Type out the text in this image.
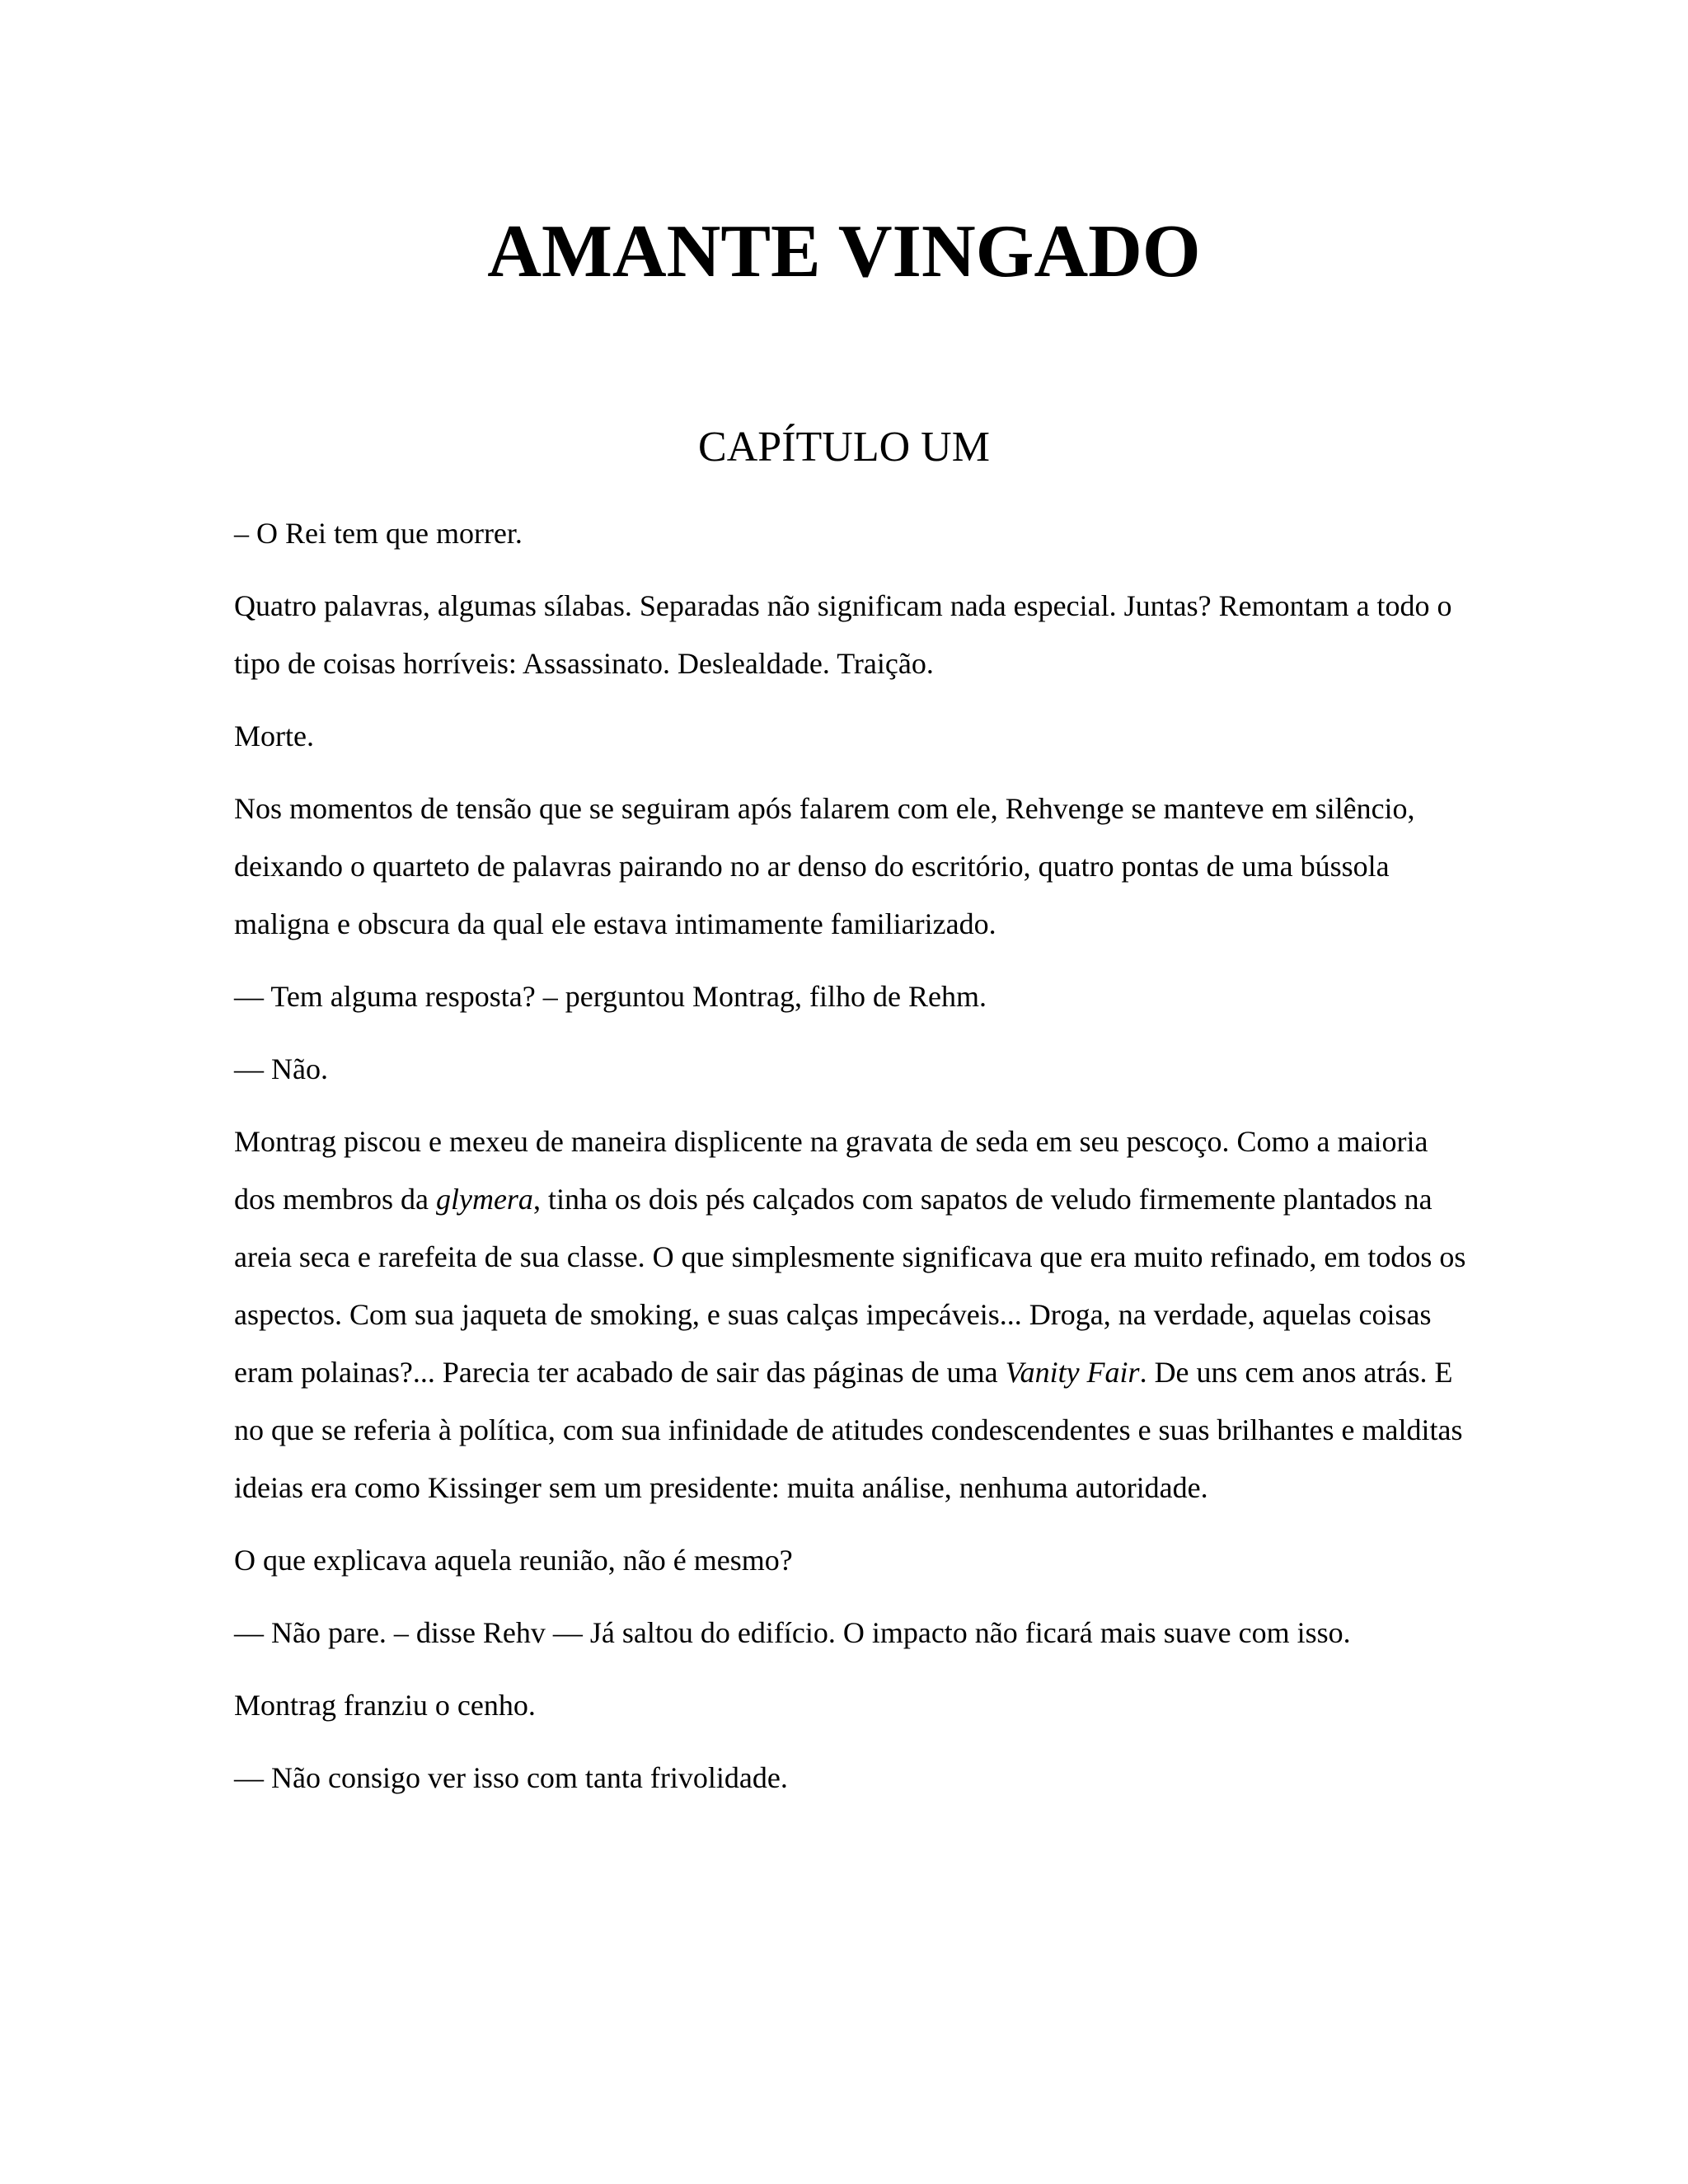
AMANTE VINGADO
CAPÍTULO UM

– O Rei tem que morrer.

Quatro palavras, algumas sílabas. Separadas não significam nada especial. Juntas? Remontam a todo o tipo de coisas horríveis: Assassinato. Deslealdade. Traição.

Morte.

Nos momentos de tensão que se seguiram após falarem com ele, Rehvenge se manteve em silêncio, deixando o quarteto de palavras pairando no ar denso do escritório, quatro pontas de uma bússola maligna e obscura da qual ele estava intimamente familiarizado.

— Tem alguma resposta? – perguntou Montrag, filho de Rehm.

— Não.

Montrag piscou e mexeu de maneira displicente na gravata de seda em seu pescoço. Como a maioria dos membros da glymera, tinha os dois pés calçados com sapatos de veludo firmemente plantados na areia seca e rarefeita de sua classe. O que simplesmente significava que era muito refinado, em todos os aspectos. Com sua jaqueta de smoking, e suas calças impecáveis... Droga, na verdade, aquelas coisas eram polainas?... Parecia ter acabado de sair das páginas de uma Vanity Fair. De uns cem anos atrás. E no que se referia à política, com sua infinidade de atitudes condescendentes e suas brilhantes e malditas ideias era como Kissinger sem um presidente: muita análise, nenhuma autoridade.

O que explicava aquela reunião, não é mesmo?

— Não pare. – disse Rehv — Já saltou do edifício. O impacto não ficará mais suave com isso.

Montrag franziu o cenho.

— Não consigo ver isso com tanta frivolidade.
